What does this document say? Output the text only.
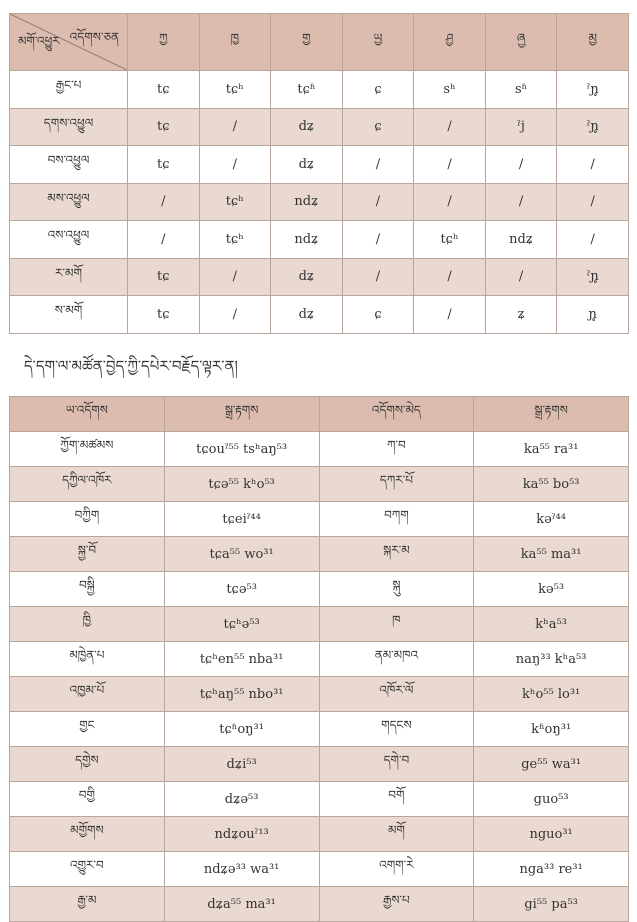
འདོགས་ཅན
མགོ་འཕྱུར	ཀྱ	ཁྱ	གྱ	ཡྱ	ཤྱ	ཞྱ	མྱ
རྒྱང་པ	tɕ	tɕʰ	tɕʱ	ɕ	sʰ	sʱ	ˀɲ̥
དགས་འཕྱུལ	tɕ	/	dʑ	ɕ	/	ˀj	ˀɲ̥
བས་འཕྱུལ	tɕ	/	dʑ	/	/	/	/
མས་འཕྱུལ	/	tɕʰ	ndʑ	/	/	/	/
འས་འཕྱུལ	/	tɕʰ	ndʑ	/	tɕʰ	ndʑ	/
ར་མགོ	tɕ	/	dʑ	/	/	/	ˀɲ̥
ས་མགོ	tɕ	/	dʑ	ɕ	/	ʑ	ɲ̥
དེ་དག་ལ་མཚོན་བྱེད་ཀྱི་དཔེར་བརྗོད་ལྟར་ན།
ཡ་འདོགས	སྒྲ་རྟགས	འདོགས་མེད	སྒྲ་རྟགས
ཀྱོག་མཚམས	tɕouˀ⁵⁵ tsʰaŋ⁵³	ཀ་བ	ka⁵⁵ ra³¹
དཀྱིལ་འཁོར	tɕə⁵⁵ kʰo⁵³	དཀར་པོ	ka⁵⁵ bo⁵³
བཀྱིག	tɕeiˀ⁴⁴	བཀག	kəˀ⁴⁴
སྐྱ་བོ	tɕa⁵⁵ wo³¹	སྐར་མ	ka⁵⁵ ma³¹
བསྐྱི	tɕə⁵³	སྐུ	kə⁵³
ཁྱི	tɕʰə⁵³	ཁ	kʰa⁵³
མཁྱེན་པ	tɕʰen⁵⁵ nba³¹	ནམ་མཁའ	naŋ³³ kʰa⁵³
འཁྱམ་པོ	tɕʰaŋ⁵⁵ nbo³¹	འཁོར་ལོ	kʰo⁵⁵ lo³¹
གྱང	tɕʱoŋ³¹	གདངས	kʱoŋ³¹
དགྱེས	dʑi⁵³	དགེ་བ	ge⁵⁵ wa³¹
བགྱི	dʑə⁵³	བགོ	guo⁵³
མགྱོགས	ndʑouˀ¹³	མགོ	nguo³¹
འགྱུར་བ	ndʑə³³ wa³¹	འགག་རེ	nga³³ re³¹
རྒྱ་མ	dʑa⁵⁵ ma³¹	རྒྱས་པ	gi⁵⁵ pa⁵³
